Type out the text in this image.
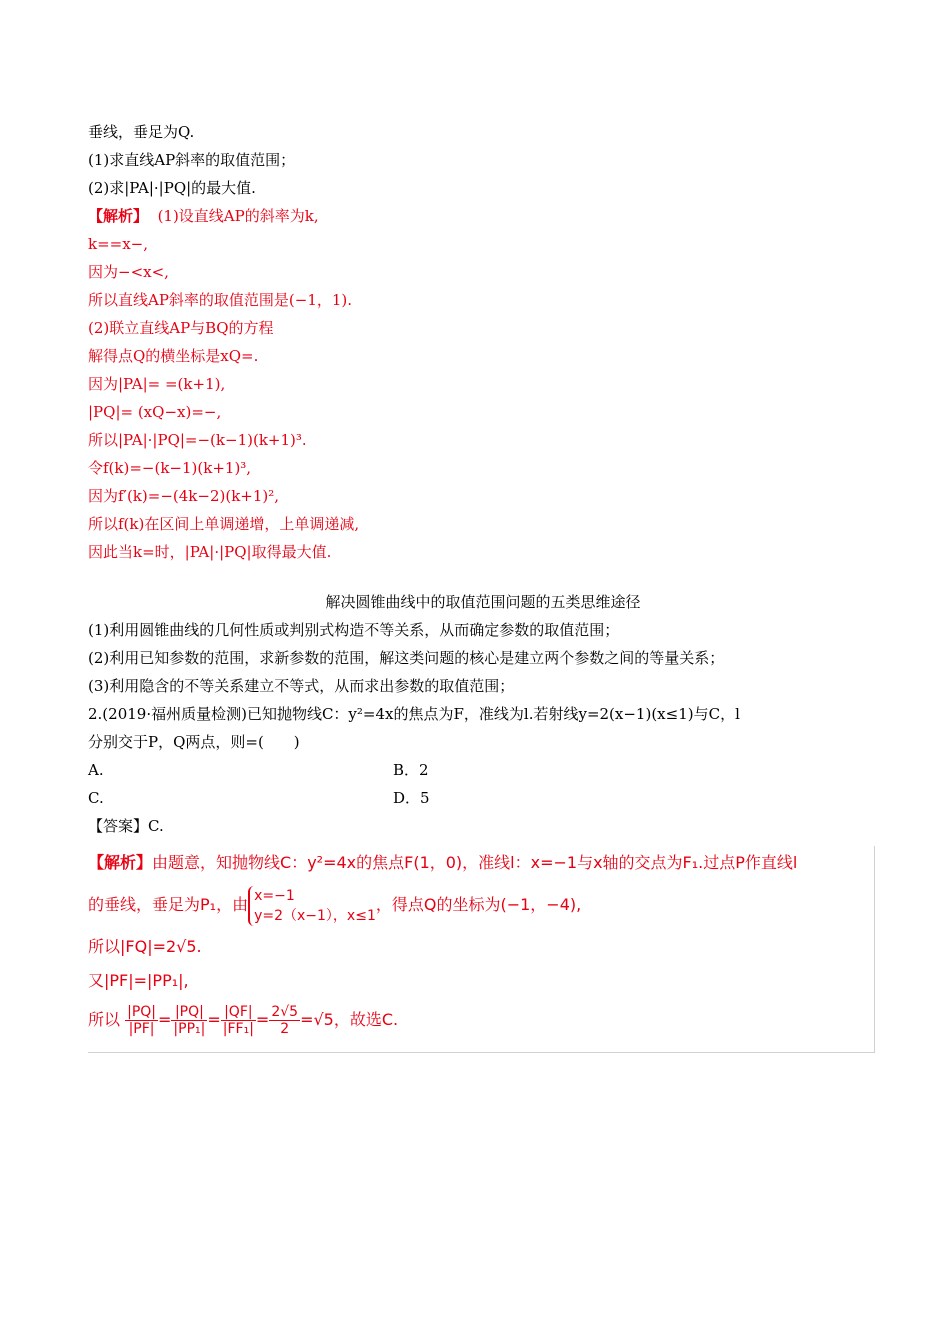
垂线，垂足为Q.
(1)求直线AP斜率的取值范围；
(2)求|PA|·|PQ|的最大值.
【解析】 (1)设直线AP的斜率为k,
k==x−,
因为−<x<,
所以直线AP斜率的取值范围是(−1，1).
(2)联立直线AP与BQ的方程
解得点Q的横坐标是xQ=.
因为|PA|= =(k+1),
|PQ|= (xQ−x)=−,
所以|PA|·|PQ|=−(k−1)(k+1)³.
令f(k)=−(k−1)(k+1)³,
因为f′(k)=−(4k−2)(k+1)²,
所以f(k)在区间上单调递增，上单调递减,
因此当k=时，|PA|·|PQ|取得最大值.
解决圆锥曲线中的取值范围问题的五类思维途径
(1)利用圆锥曲线的几何性质或判别式构造不等关系，从而确定参数的取值范围；
(2)利用已知参数的范围，求新参数的范围，解这类问题的核心是建立两个参数之间的等量关系；
(3)利用隐含的不等关系建立不等式，从而求出参数的取值范围；
2.(2019·福州质量检测)已知抛物线C：y²=4x的焦点为F，准线为l.若射线y=2(x−1)(x≤1)与C，l
分别交于P，Q两点，则=(　　)
A.	B．2
C.	D．5
【答案】C.
【解析】由题意，知抛物线C：y²=4x的焦点F(1，0)，准线l：x=−1与x轴的交点为F₁.过点P作直线l
的垂线，垂足为P₁，由 x=−1
y=2（x−1），x≤1，得点Q的坐标为(−1，−4),
所以|FQ|=2√5.
又|PF|=|PP₁|,
所以 $\frac{|PQ|}{|PF|} = \frac{|PQ|}{\text{|PP₁|}} = \frac{|QF|}{\text{|FF₁|}} = \frac{2√5}{2} =√5$，故选C.
